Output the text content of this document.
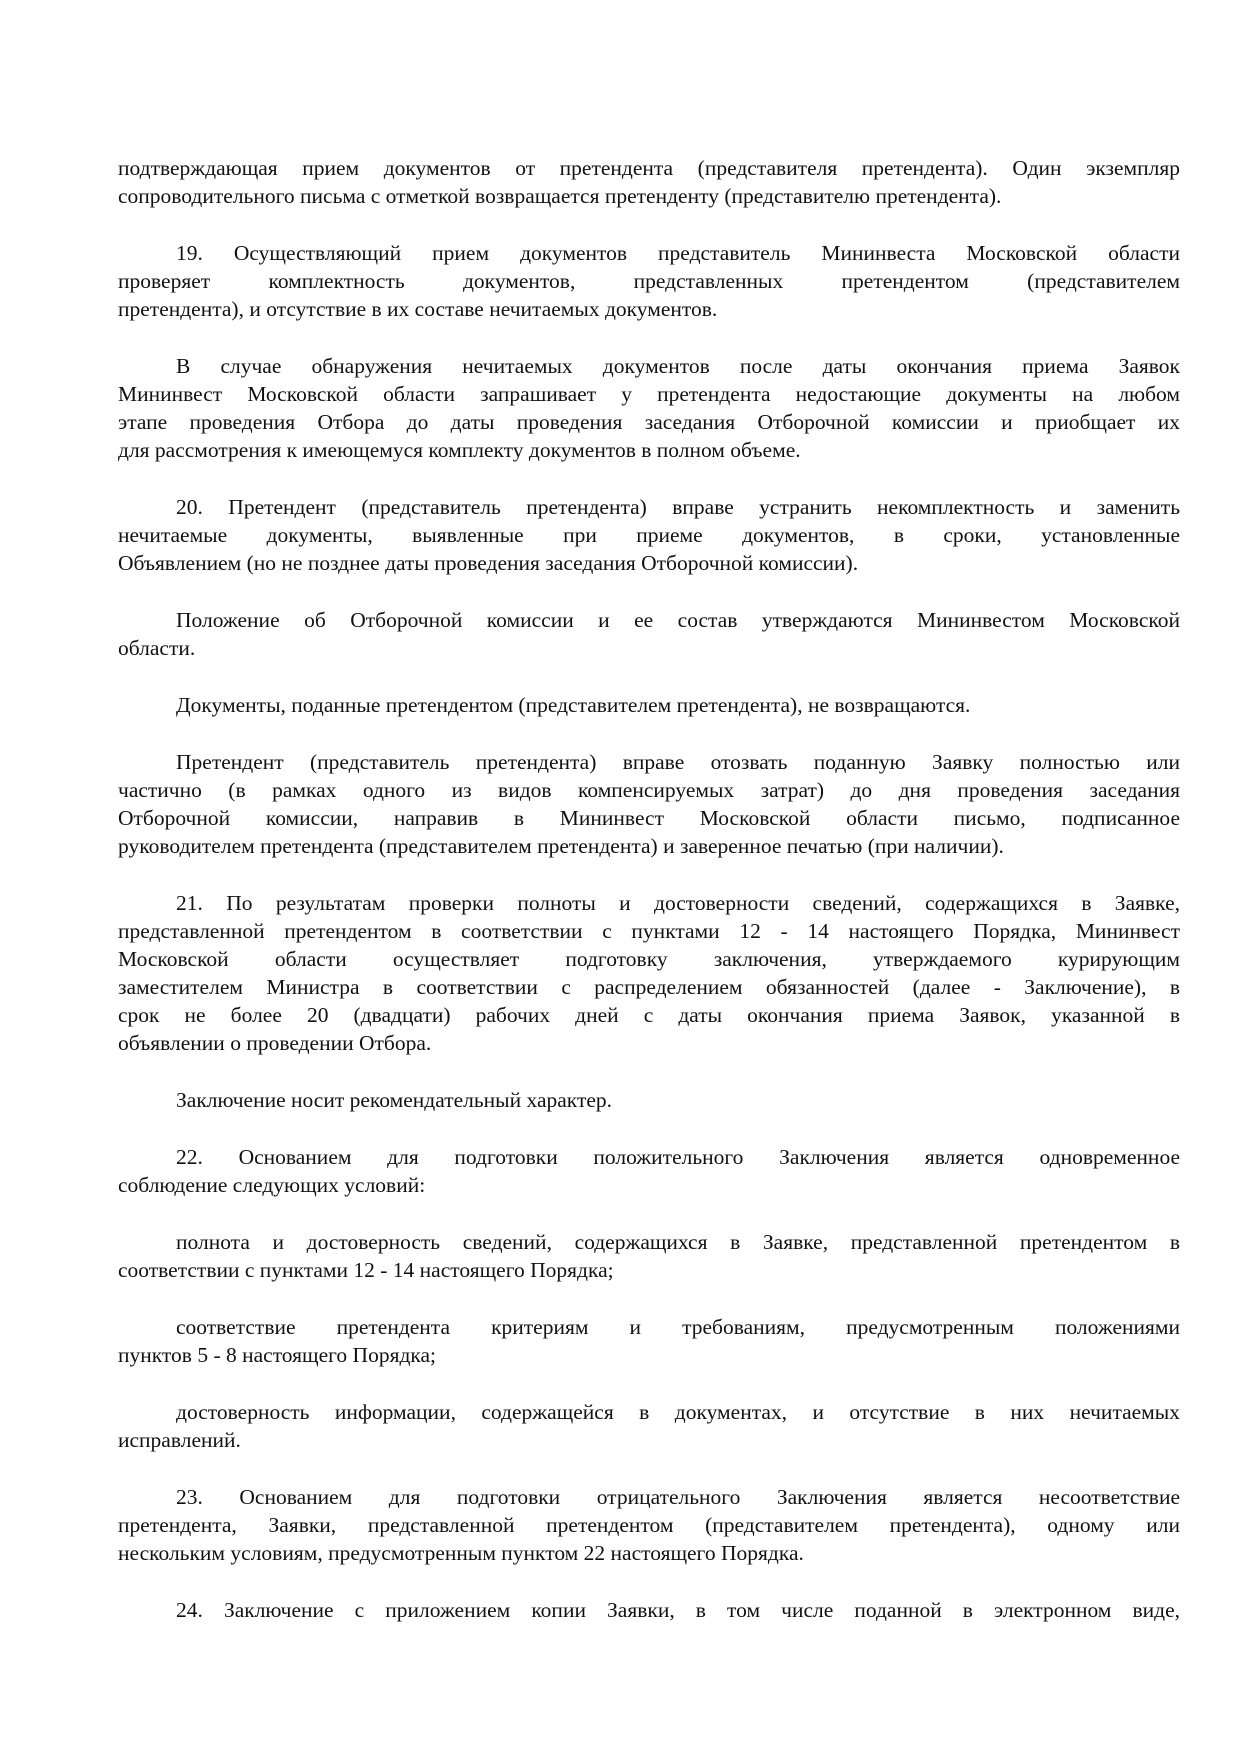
подтверждающая прием документов от претендента (представителя претендента). Один экземпляр
сопроводительного письма с отметкой возвращается претенденту (представителю претендента).
19. Осуществляющий прием документов представитель Мининвеста Московской области
проверяет комплектность документов, представленных претендентом (представителем
претендента), и отсутствие в их составе нечитаемых документов.
В случае обнаружения нечитаемых документов после даты окончания приема Заявок
Мининвест Московской области запрашивает у претендента недостающие документы на любом
этапе проведения Отбора до даты проведения заседания Отборочной комиссии и приобщает их
для рассмотрения к имеющемуся комплекту документов в полном объеме.
20. Претендент (представитель претендента) вправе устранить некомплектность и заменить
нечитаемые документы, выявленные при приеме документов, в сроки, установленные
Объявлением (но не позднее даты проведения заседания Отборочной комиссии).
Положение об Отборочной комиссии и ее состав утверждаются Мининвестом Московской
области.
Документы, поданные претендентом (представителем претендента), не возвращаются.
Претендент (представитель претендента) вправе отозвать поданную Заявку полностью или
частично (в рамках одного из видов компенсируемых затрат) до дня проведения заседания
Отборочной комиссии, направив в Мининвест Московской области письмо, подписанное
руководителем претендента (представителем претендента) и заверенное печатью (при наличии).
21. По результатам проверки полноты и достоверности сведений, содержащихся в Заявке,
представленной претендентом в соответствии с пунктами 12 - 14 настоящего Порядка, Мининвест
Московской области осуществляет подготовку заключения, утверждаемого курирующим
заместителем Министра в соответствии с распределением обязанностей (далее - Заключение), в
срок не более 20 (двадцати) рабочих дней с даты окончания приема Заявок, указанной в
объявлении о проведении Отбора.
Заключение носит рекомендательный характер.
22. Основанием для подготовки положительного Заключения является одновременное
соблюдение следующих условий:
полнота и достоверность сведений, содержащихся в Заявке, представленной претендентом в
соответствии с пунктами 12 - 14 настоящего Порядка;
соответствие претендента критериям и требованиям, предусмотренным положениями
пунктов 5 - 8 настоящего Порядка;
достоверность информации, содержащейся в документах, и отсутствие в них нечитаемых
исправлений.
23. Основанием для подготовки отрицательного Заключения является несоответствие
претендента, Заявки, представленной претендентом (представителем претендента), одному или
нескольким условиям, предусмотренным пунктом 22 настоящего Порядка.
24. Заключение с приложением копии Заявки, в том числе поданной в электронном виде,
